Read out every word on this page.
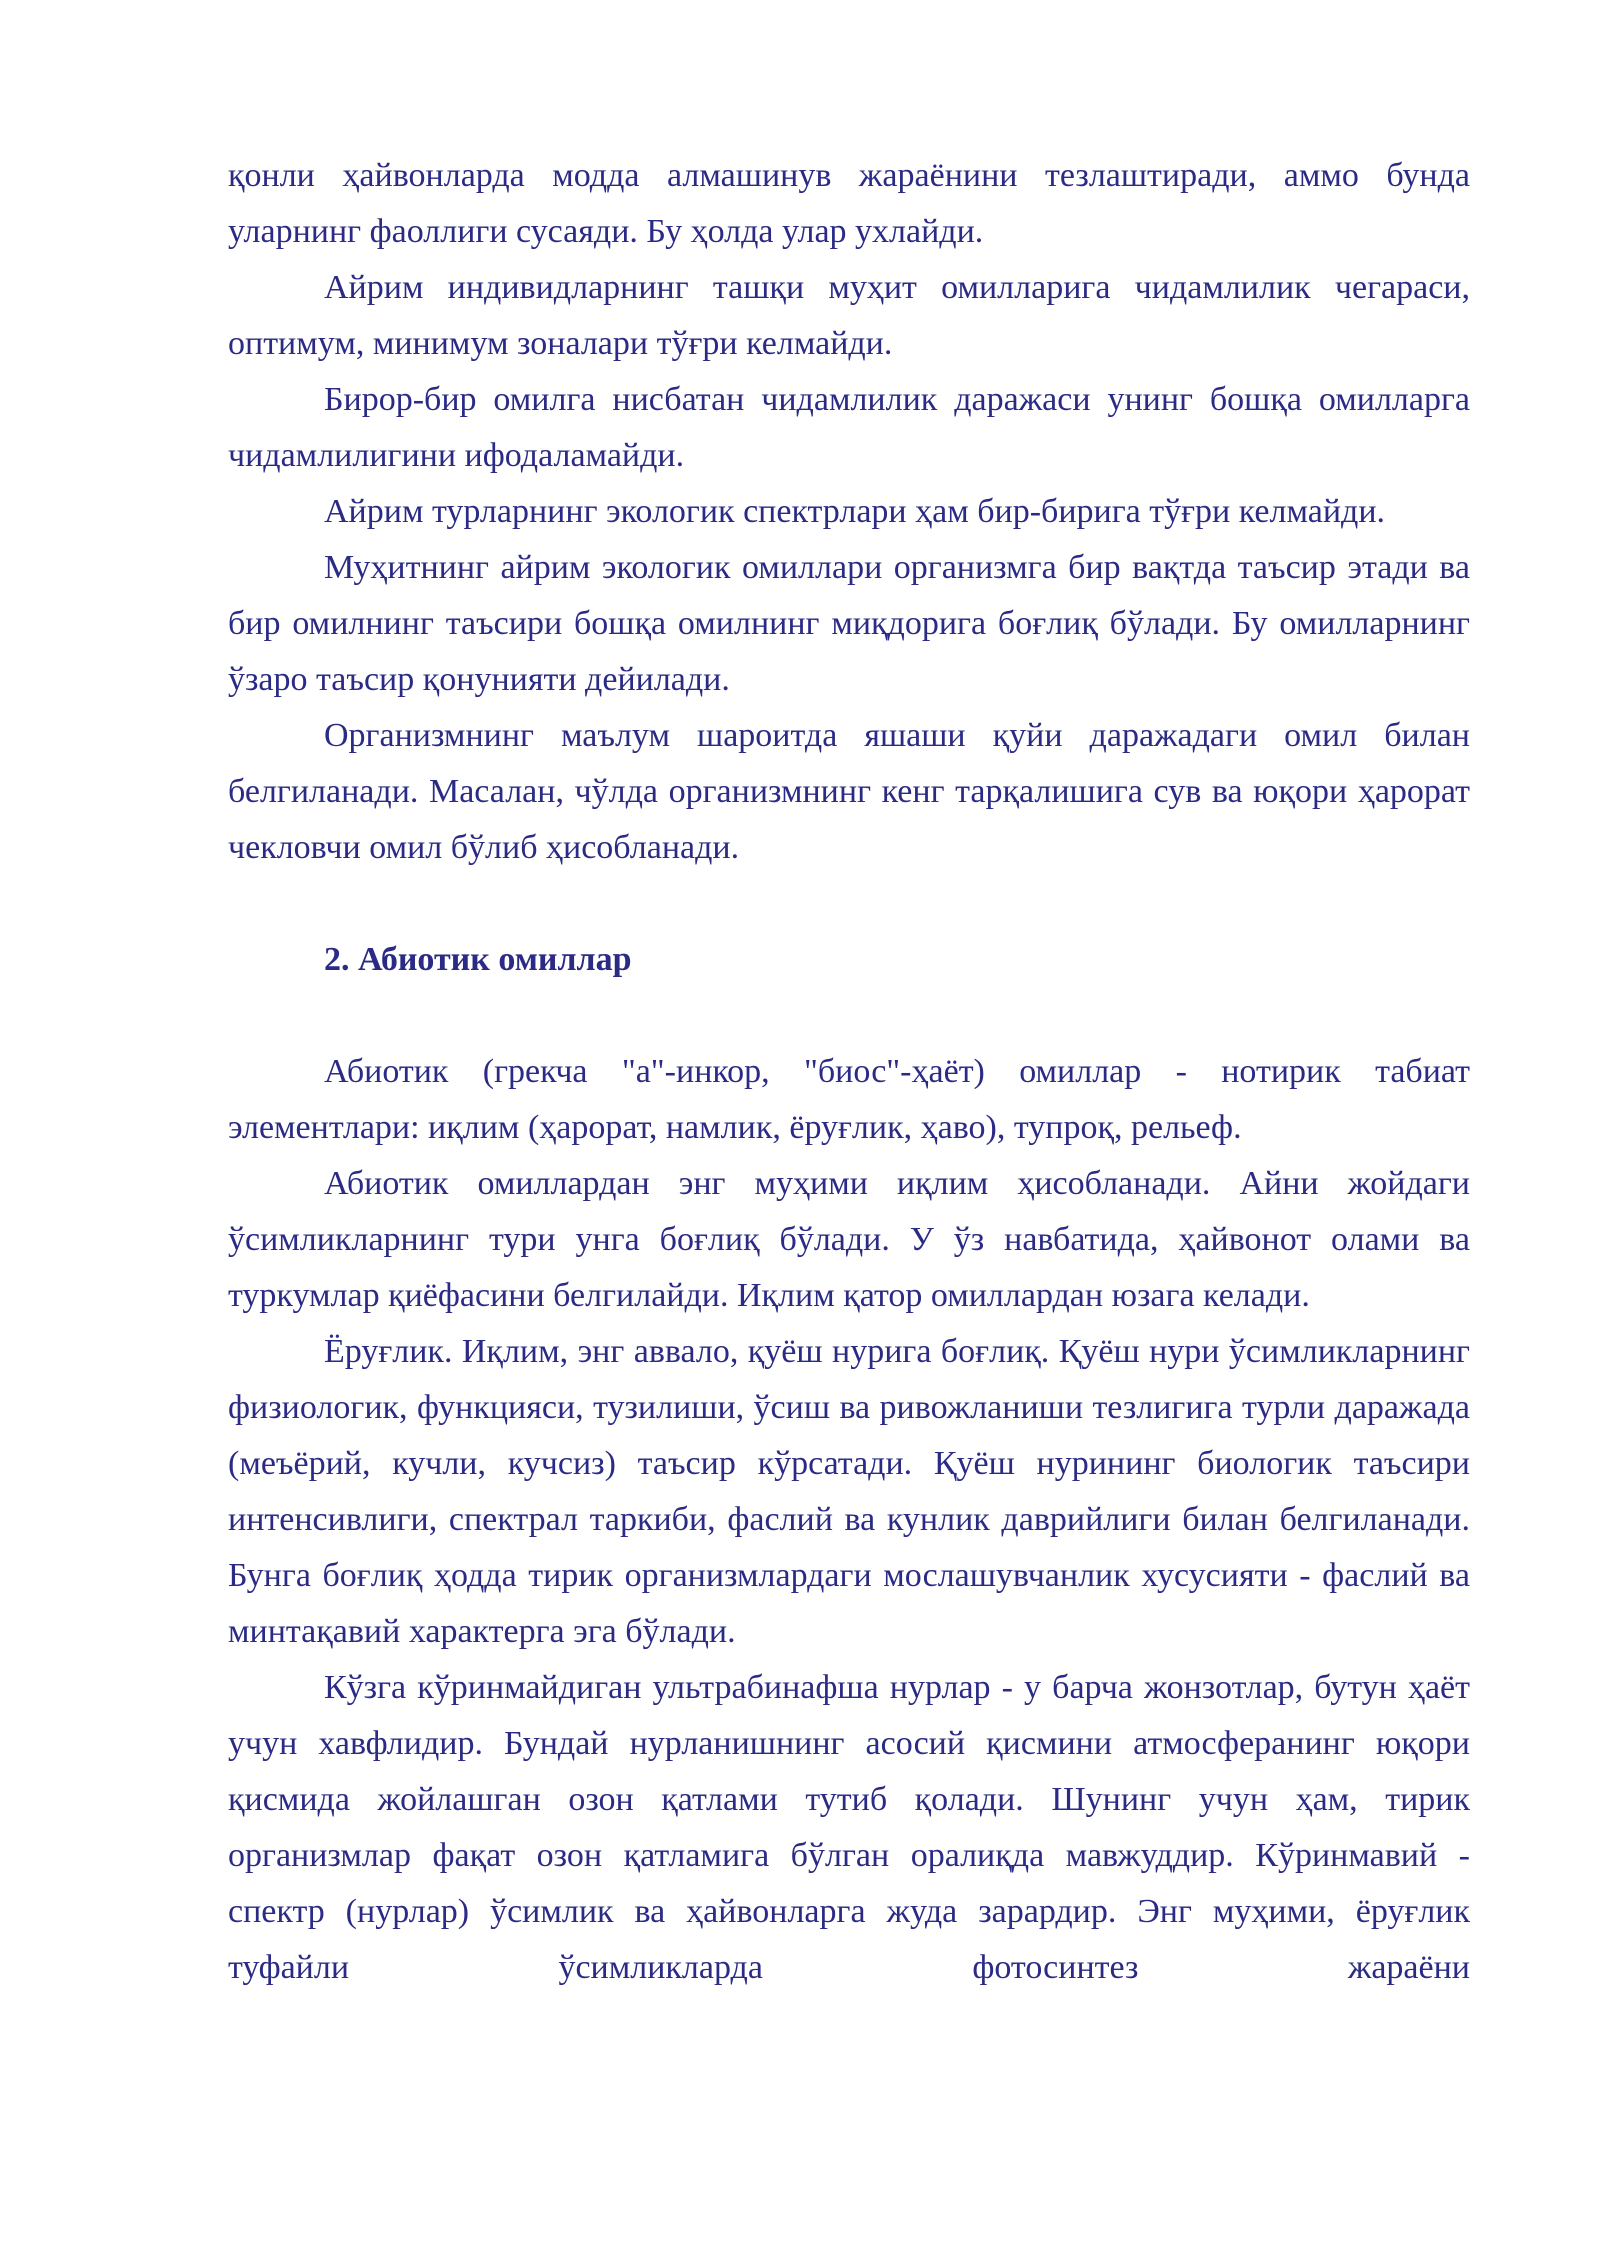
қонли ҳайвонларда модда алмашинув жараёнини тезлаштиради, аммо бунда уларнинг фаоллиги сусаяди. Бу ҳолда улар ухлайди.

Айрим индивидларнинг ташқи муҳит омилларига чидамлилик чегараси, оптимум, минимум зоналари тўғри келмайди.

Бирор-бир омилга нисбатан чидамлилик даражаси унинг бошқа омилларга чидамлилигини ифодаламайди.

Айрим турларнинг экологик спектрлари ҳам бир-бирига тўғри келмайди.

Муҳитнинг айрим экологик омиллари организмга бир вақтда таъсир этади ва бир омилнинг таъсири бошқа омилнинг миқдорига боғлиқ бўлади. Бу омилларнинг ўзаро таъсир қонунияти дейилади.

Организмнинг маълум шароитда яшаши қуйи даражадаги омил билан белгиланади. Масалан, чўлда организмнинг кенг тарқалишига сув ва юқори ҳарорат чекловчи омил бўлиб ҳисобланади.

2. Абиотик омиллар

Абиотик (грекча "а"-инкор, "биос"-ҳаёт) омиллар - нотирик табиат элементлари: иқлим (ҳарорат, намлик, ёруғлик, ҳаво), тупроқ, рельеф.

Абиотик омиллардан энг муҳими иқлим ҳисобланади. Айни жойдаги ўсимликларнинг тури унга боғлиқ бўлади. У ўз навбатида, ҳайвонот олами ва туркумлар қиёфасини белгилайди. Иқлим қатор омиллардан юзага келади.

Ёруғлик. Иқлим, энг аввало, қуёш нурига боғлиқ. Қуёш нури ўсимликларнинг физиологик, функцияси, тузилиши, ўсиш ва ривожланиши тезлигига турли даражада (меъёрий, кучли, кучсиз) таъсир кўрсатади. Қуёш нурининг биологик таъсири интенсивлиги, спектрал таркиби, фаслий ва кунлик даврийлиги билан белгиланади. Бунга боғлиқ ҳодда тирик организмлардаги мослашувчанлик хусусияти - фаслий ва минтақавий характерга эга бўлади.

Кўзга кўринмайдиган ультрабинафша нурлар - у барча жонзотлар, бутун ҳаёт учун хавфлидир. Бундай нурланишнинг асосий қисмини атмосферанинг юқори қисмида жойлашган озон қатлами тутиб қолади. Шунинг учун ҳам, тирик организмлар фақат озон қатламига бўлган оралиқда мавжуддир. Кўринмавий - спектр (нурлар) ўсимлик ва ҳайвонларга жуда зарардир. Энг муҳими, ёруғлик туфайли ўсимликларда фотосинтез жараёни
